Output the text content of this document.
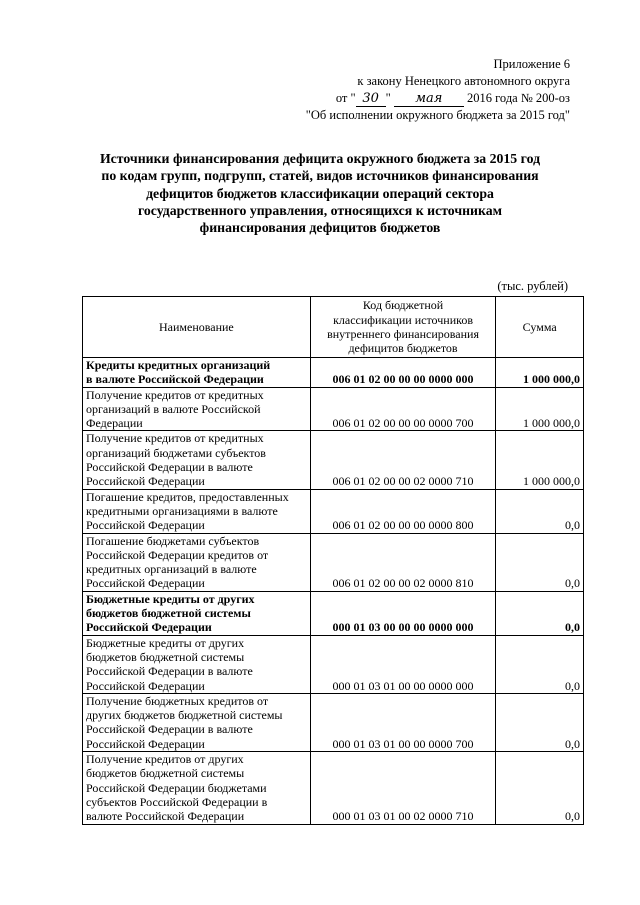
Приложение 6
к закону Ненецкого автономного округа
от " 30 " мая 2016 года № 200-оз
"Об исполнении окружного бюджета за 2015 год"
Источники финансирования дефицита окружного бюджета за 2015 год
по кодам групп, подгрупп, статей, видов источников финансирования
дефицитов бюджетов классификации операций сектора
государственного управления, относящихся к источникам
финансирования дефицитов бюджетов
(тыс. рублей)
Наименование	Код бюджетной
классификации источников
внутреннего финансирования
дефицитов бюджетов	Сумма

Кредиты кредитных организаций
в валюте Российской Федерации	006 01 02 00 00 00 0000 000	1 000 000,0

Получение кредитов от кредитных
организаций в валюте Российской
Федерации	006 01 02 00 00 00 0000 700	1 000 000,0

Получение кредитов от кредитных
организаций бюджетами субъектов
Российской Федерации в валюте
Российской Федерации	006 01 02 00 00 02 0000 710	1 000 000,0

Погашение кредитов, предоставленных
кредитными организациями в валюте
Российской Федерации	006 01 02 00 00 00 0000 800	0,0

Погашение бюджетами субъектов
Российской Федерации кредитов от
кредитных организаций в валюте
Российской Федерации	006 01 02 00 00 02 0000 810	0,0

Бюджетные кредиты от других
бюджетов бюджетной системы
Российской Федерации	000 01 03 00 00 00 0000 000	0,0

Бюджетные кредиты от других
бюджетов бюджетной системы
Российской Федерации в валюте
Российской Федерации	000 01 03 01 00 00 0000 000	0,0

Получение бюджетных кредитов от
других бюджетов бюджетной системы
Российской Федерации в валюте
Российской Федерации	000 01 03 01 00 00 0000 700	0,0

Получение кредитов от других
бюджетов бюджетной системы
Российской Федерации бюджетами
субъектов Российской Федерации в
валюте Российской Федерации	000 01 03 01 00 02 0000 710	0,0
